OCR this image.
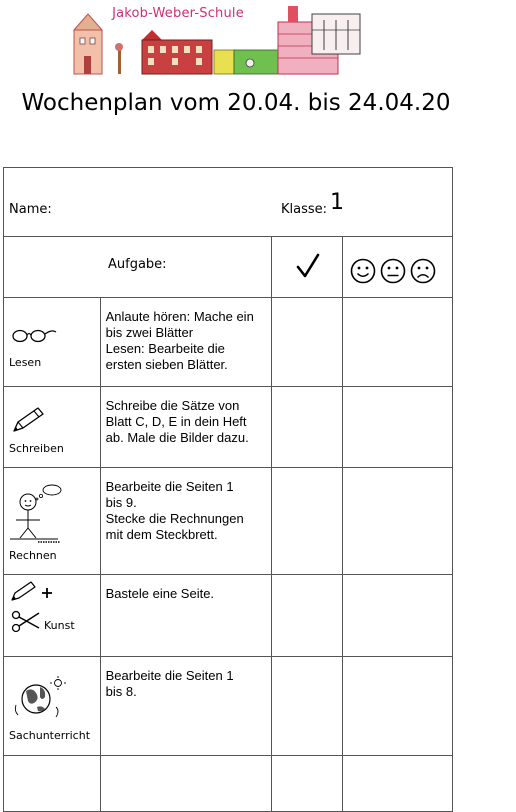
Jakob-Weber-Schule
Wochenplan vom 20.04. bis 24.04.20
Name: Klasse: 1			

Aufgabe:

Lesen	Anlaute hören: Mache ein
bis zwei Blätter
Lesen: Bearbeite die
ersten sieben Blätter.		

Schreiben	Schreibe die Sätze von
Blatt C, D, E in dein Heft
ab. Male die Bilder dazu.		

Rechnen	Bearbeite die Seiten 1
bis 9.
Stecke die Rechnungen
mit dem Steckbrett.		

Kunst	Bastele eine Seite.		

Sachunterricht	Bearbeite die Seiten 1
bis 8.		
